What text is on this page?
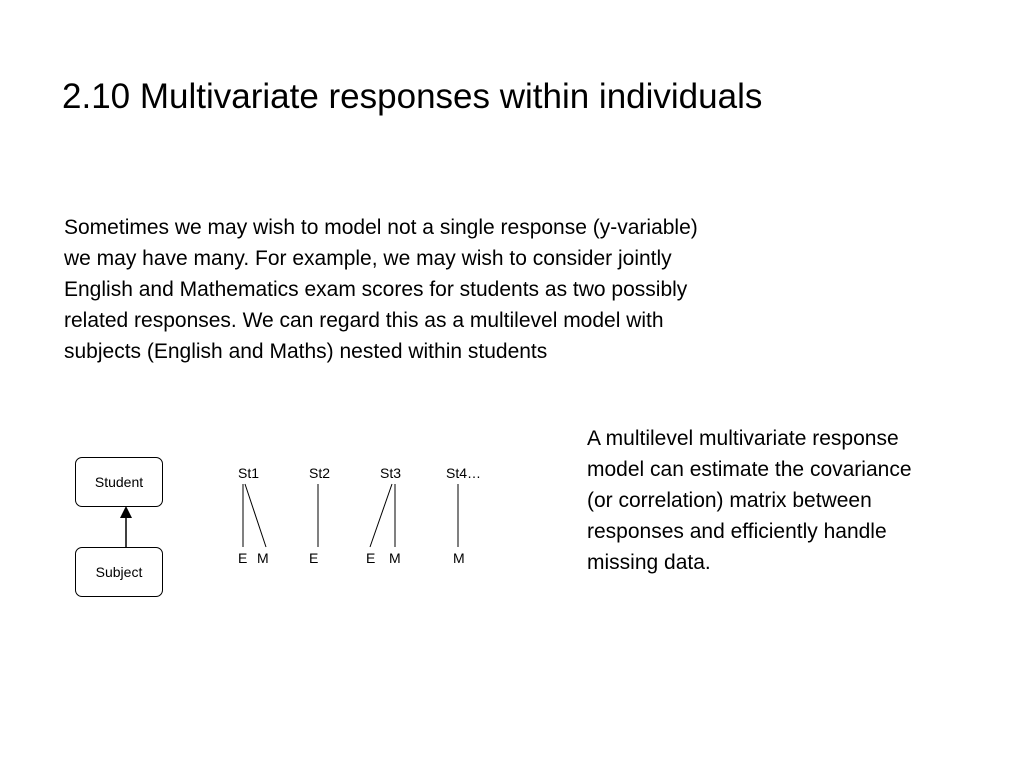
2.10 Multivariate responses within individuals
Sometimes we may wish to model not a single response (y-variable)
we may have many. For example, we may wish to consider jointly
English and Mathematics exam scores for students as two possibly
related responses. We can regard this as a multilevel model with
subjects (English and Maths) nested within students
Student
Subject
St1	St2	St3	St4…
E M	E	E M	M
A multilevel multivariate response
model can estimate the covariance
(or correlation) matrix between
responses and efficiently handle
missing data.
